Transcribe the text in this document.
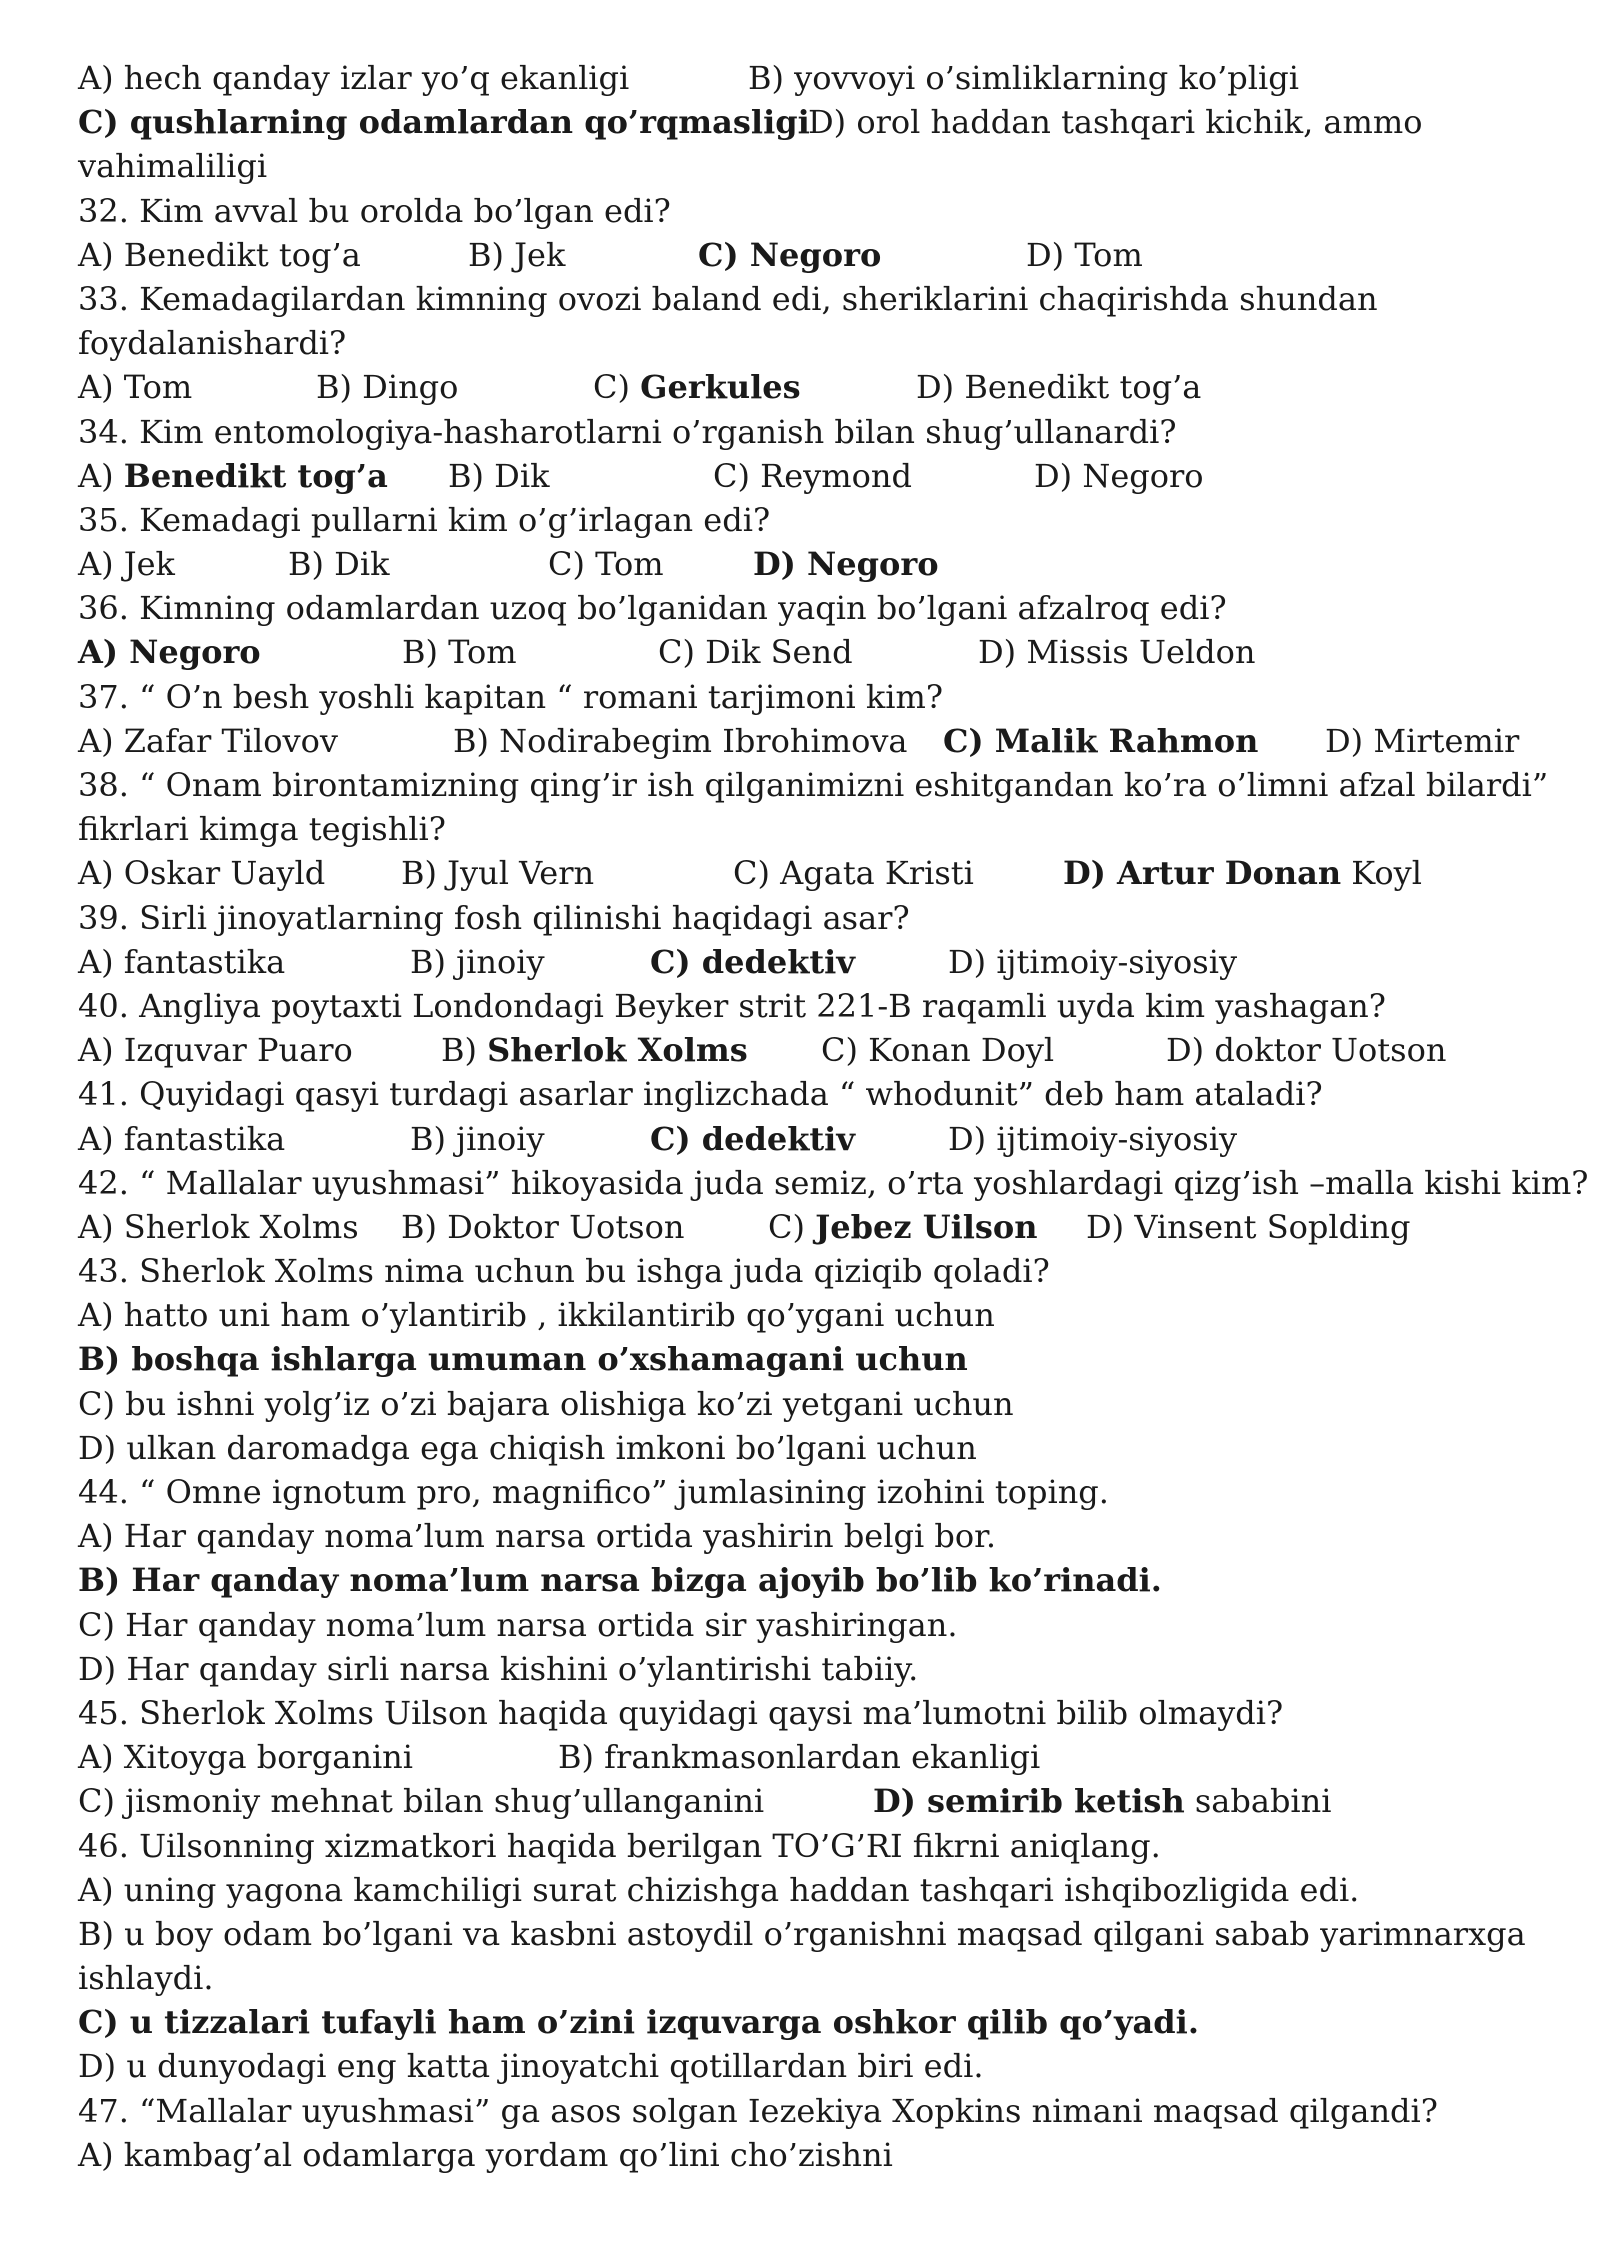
A) hech qanday izlar yo’q ekanligi	B) yovvoyi o’simliklarning ko’pligi
C) qushlarning odamlardan qo’rqmasligi
D) orol haddan tashqari kichik, ammo
vahimaliligi
32. Kim avval bu orolda bo’lgan edi?
A) Benedikt tog’a	B) Jek	C) Negoro	D) Tom
33. Kemadagilardan kimning ovozi baland edi, sheriklarini chaqirishda shundan
foydalanishardi?
A) Tom	B) Dingo	C) Gerkules	D) Benedikt tog’a
34. Kim entomologiya-hasharotlarni o’rganish bilan shug’ullanardi?
A) Benedikt tog’a B) Dik	C) Reymond	D) Negoro
35. Kemadagi pullarni kim o’g’irlagan edi?
A) Jek	B) Dik	C) Tom	D) Negoro
36. Kimning odamlardan uzoq bo’lganidan yaqin bo’lgani afzalroq edi?
A) Negoro	B) Tom	C) Dik Send	D) Missis Ueldon
37. “ O’n besh yoshli kapitan “ romani tarjimoni kim?
A) Zafar Tilovov	B) Nodirabegim Ibrohimova C) Malik Rahmon D) Mirtemir
38. “ Onam birontamizning qing’ir ish qilganimizni eshitgandan ko’ra o’limni afzal bilardi”
fikrlari kimga tegishli?
A) Oskar Uayld B) Jyul Vern	C) Agata Kristi	D) Artur Donan Koyl
39. Sirli jinoyatlarning fosh qilinishi haqidagi asar?
A) fantastika	B) jinoiy	C) dedektiv	D) ijtimoiy-siyosiy
40. Angliya poytaxti Londondagi Beyker strit 221-B raqamli uyda kim yashagan?
A) Izquvar Puaro	B) Sherlok Xolms C) Konan Doyl	D) doktor Uotson
41. Quyidagi qasyi turdagi asarlar inglizchada “ whodunit” deb ham ataladi?
A) fantastika	B) jinoiy	C) dedektiv	D) ijtimoiy-siyosiy
42. “ Mallalar uyushmasi” hikoyasida juda semiz, o’rta yoshlardagi qizg’ish –malla kishi kim?
A) Sherlok Xolms B) Doktor Uotson	C) Jebez Uilson D) Vinsent Soplding
43. Sherlok Xolms nima uchun bu ishga juda qiziqib qoladi?
A) hatto uni ham o’ylantirib , ikkilantirib qo’ygani uchun
B) boshqa ishlarga umuman o’xshamagani uchun
C) bu ishni yolg’iz o’zi bajara olishiga ko’zi yetgani uchun
D) ulkan daromadga ega chiqish imkoni bo’lgani uchun
44. “ Omne ignotum pro, magnifico” jumlasining izohini toping.
A) Har qanday noma’lum narsa ortida yashirin belgi bor.
B) Har qanday noma’lum narsa bizga ajoyib bo’lib ko’rinadi.
C) Har qanday noma’lum narsa ortida sir yashiringan.
D) Har qanday sirli narsa kishini o’ylantirishi tabiiy.
45. Sherlok Xolms Uilson haqida quyidagi qaysi ma’lumotni bilib olmaydi?
A) Xitoyga borganini	B) frankmasonlardan ekanligi
C) jismoniy mehnat bilan shug’ullanganini	D) semirib ketish sababini
46. Uilsonning xizmatkori haqida berilgan TO’G’RI fikrni aniqlang.
A) uning yagona kamchiligi surat chizishga haddan tashqari ishqibozligida edi.
B) u boy odam bo’lgani va kasbni astoydil o’rganishni maqsad qilgani sabab yarimnarxga
ishlaydi.
C) u tizzalari tufayli ham o’zini izquvarga oshkor qilib qo’yadi.
D) u dunyodagi eng katta jinoyatchi qotillardan biri edi.
47. “Mallalar uyushmasi” ga asos solgan Iezekiya Xopkins nimani maqsad qilgandi?
A) kambag’al odamlarga yordam qo’lini cho’zishni
